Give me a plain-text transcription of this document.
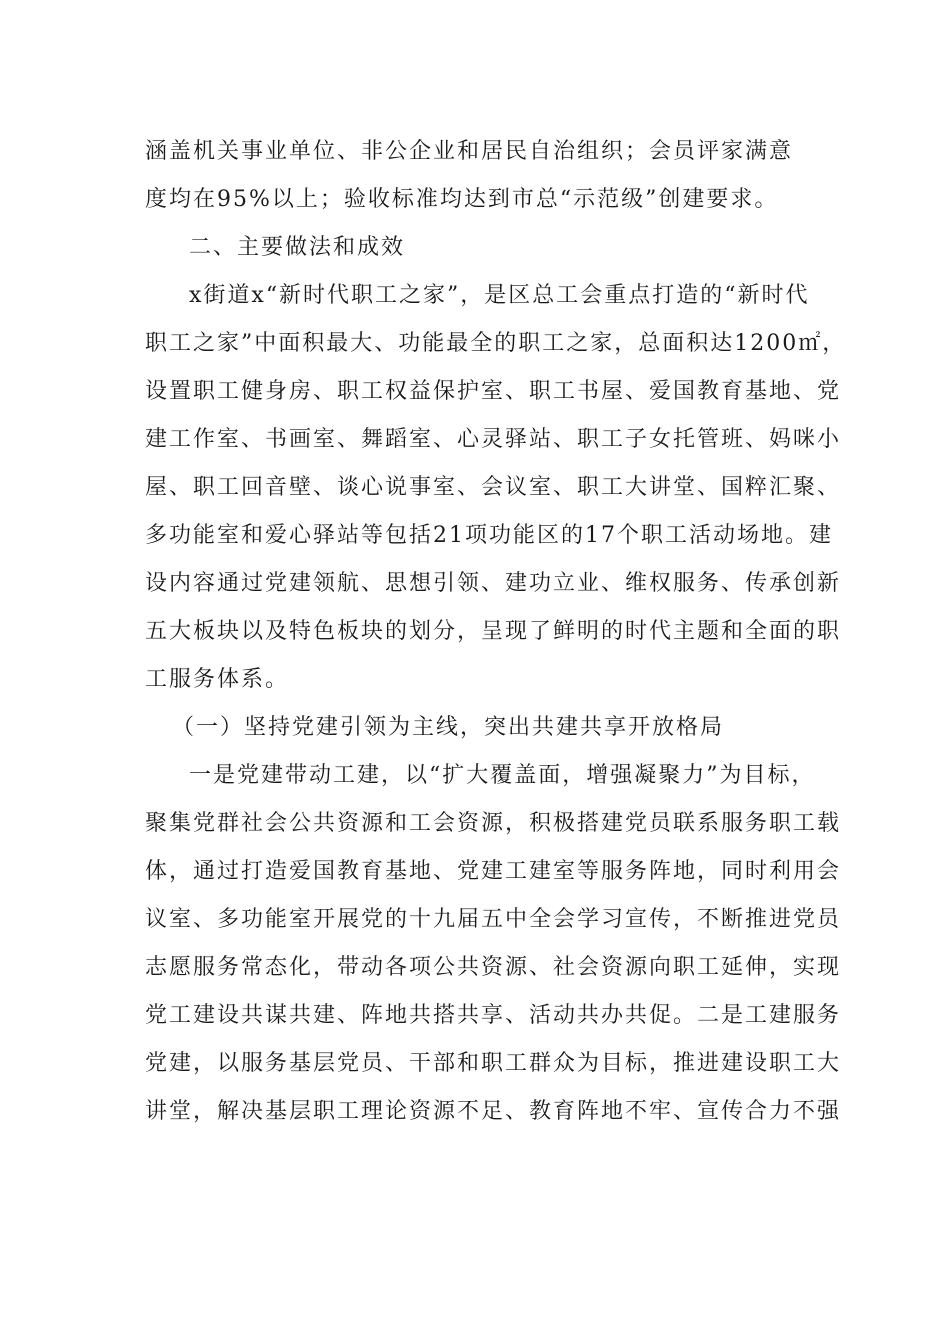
涵盖机关事业单位、非公企业和居民自治组织；会员评家满意
度均在95%以上；验收标准均达到市总“示范级”创建要求。
二、主要做法和成效
x街道x“新时代职工之家”，是区总工会重点打造的“新时代
职工之家”中面积最大、功能最全的职工之家，总面积达1200㎡，
设置职工健身房、职工权益保护室、职工书屋、爱国教育基地、党
建工作室、书画室、舞蹈室、心灵驿站、职工子女托管班、妈咪小
屋、职工回音壁、谈心说事室、会议室、职工大讲堂、国粹汇聚、
多功能室和爱心驿站等包括21项功能区的17个职工活动场地。建
设内容通过党建领航、思想引领、建功立业、维权服务、传承创新
五大板块以及特色板块的划分，呈现了鲜明的时代主题和全面的职
工服务体系。
（一）坚持党建引领为主线，突出共建共享开放格局
一是党建带动工建，以“扩大覆盖面，增强凝聚力”为目标，
聚集党群社会公共资源和工会资源，积极搭建党员联系服务职工载
体，通过打造爱国教育基地、党建工建室等服务阵地，同时利用会
议室、多功能室开展党的十九届五中全会学习宣传，不断推进党员
志愿服务常态化，带动各项公共资源、社会资源向职工延伸，实现
党工建设共谋共建、阵地共搭共享、活动共办共促。二是工建服务
党建，以服务基层党员、干部和职工群众为目标，推进建设职工大
讲堂，解决基层职工理论资源不足、教育阵地不牢、宣传合力不强
